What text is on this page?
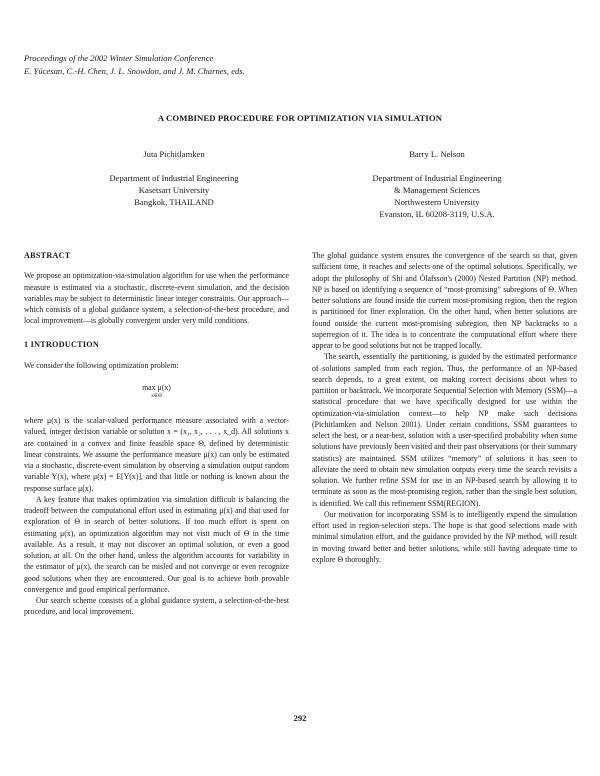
Proceedings of the 2002 Winter Simulation Conference
E. Yücesan, C.-H. Chen, J. L. Snowdon, and J. M. Charnes, eds.
A COMBINED PROCEDURE FOR OPTIMIZATION VIA SIMULATION
Juta Pichitlamken
Department of Industrial Engineering
Kasetsart University
Bangkok, THAILAND
Barry L. Nelson
Department of Industrial Engineering
& Management Sciences
Northwestern University
Evanston, IL 60208-3119, U.S.A.

ABSTRACT

We propose an optimization-via-simulation algorithm for use when the performance measure is estimated via a stochastic, discrete-event simulation, and the decision variables may be subject to deterministic linear integer constraints. Our approach—which consists of a global guidance system, a selection-of-the-best procedure, and local improvement—is globally convergent under very mild conditions.

1 INTRODUCTION

We consider the following optimization problem:

max μ(x)
x∈Θ

where μ(x) is the scalar-valued performance measure associated with a vector-valued, integer decision variable or solution x = (x₁, x₂, . . . , x_d). All solutions x are contained in a convex and finite feasible space Θ, defined by deterministic linear constraints. We assume the performance measure μ(x) can only be estimated via a stochastic, discrete-event simulation by observing a simulation output random variable Y(x), where μ(x) = E[Y(x)], and that little or nothing is known about the response surface μ(x).

A key feature that makes optimization via simulation difficult is balancing the tradeoff between the computational effort used in estimating μ(x) and that used for exploration of Θ in search of better solutions. If too much effort is spent on estimating μ(x), an optimization algorithm may not visit much of Θ in the time available. As a result, it may not discover an optimal solution, or even a good solution, at all. On the other hand, unless the algorithm accounts for variability in the estimator of μ(x), the search can be misled and not converge or even recognize good solutions when they are encountered. Our goal is to achieve both provable convergence and good empirical performance.

Our search scheme consists of a global guidance system, a selection-of-the-best procedure, and local improvement.

The global guidance system ensures the convergence of the search so that, given sufficient time, it reaches and selects one of the optimal solutions. Specifically, we adopt the philosophy of Shi and Ólafsson's (2000) Nested Partition (NP) method. NP is based on identifying a sequence of “most-promising” subregions of Θ. When better solutions are found inside the current most-promising region, then the region is partitioned for finer exploration. On the other hand, when better solutions are found outside the current most-promising subregion, then NP backtracks to a superregion of it. The idea is to concentrate the computational effort where there appear to be good solutions but not be trapped locally.

The search, essentially the partitioning, is guided by the estimated performance of solutions sampled from each region. Thus, the performance of an NP-based search depends, to a great extent, on making correct decisions about when to partition or backtrack. We incorporate Sequential Selection with Memory (SSM)—a statistical procedure that we have specifically designed for use within the optimization-via-simulation context—to help NP make such decisions (Pichitlamken and Nelson 2001). Under certain conditions, SSM guarantees to select the best, or a near-best, solution with a user-specified probability when some solutions have previously been visited and their past observations (or their summary statistics) are maintained. SSM utilizes “memory” of solutions it has seen to alleviate the need to obtain new simulation outputs every time the search revisits a solution. We further refine SSM for use in an NP-based search by allowing it to terminate as soon as the most-promising region, rather than the single best solution, is identified. We call this refinement SSM(REGION).

Our motivation for incorporating SSM is to intelligently expend the simulation effort used in region-selection steps. The hope is that good selections made with minimal simulation effort, and the guidance provided by the NP method, will result in moving toward better and better solutions, while still having adequate time to explore Θ thoroughly.

292
